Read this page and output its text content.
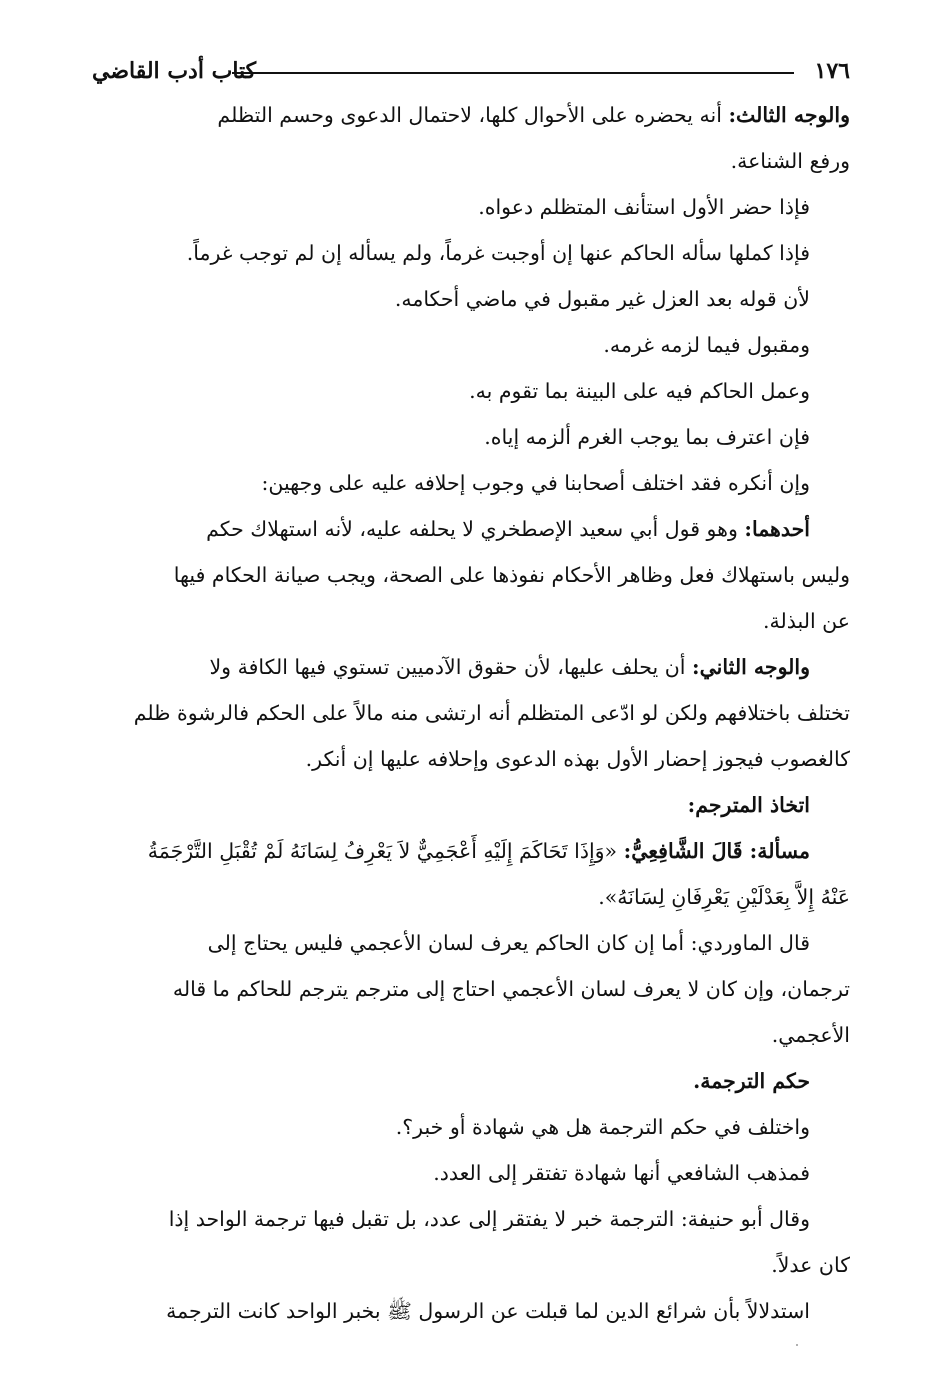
١٧٦
كتاب أدب القاضي
والوجه الثالث: أنه يحضره على الأحوال كلها، لاحتمال الدعوى وحسم التظلم
ورفع الشناعة.
فإذا حضر الأول استأنف المتظلم دعواه.
فإذا كملها سأله الحاكم عنها إن أوجبت غرماً، ولم يسأله إن لم توجب غرماً.
لأن قوله بعد العزل غير مقبول في ماضي أحكامه.
ومقبول فيما لزمه غرمه.
وعمل الحاكم فيه على البينة بما تقوم به.
فإن اعترف بما يوجب الغرم ألزمه إياه.
وإن أنكره فقد اختلف أصحابنا في وجوب إحلافه عليه على وجهين:
أحدهما: وهو قول أبي سعيد الإصطخري لا يحلفه عليه، لأنه استهلاك حكم
وليس باستهلاك فعل وظاهر الأحكام نفوذها على الصحة، ويجب صيانة الحكام فيها
عن البذلة.
والوجه الثاني: أن يحلف عليها، لأن حقوق الآدميين تستوي فيها الكافة ولا
تختلف باختلافهم ولكن لو ادّعى المتظلم أنه ارتشى منه مالاً على الحكم فالرشوة ظلم
كالغصوب فيجوز إحضار الأول بهذه الدعوى وإحلافه عليها إن أنكر.
اتخاذ المترجم:
مسألة: قَالَ الشَّافِعِيُّ: «وَإِذَا تَحَاكَمَ إِلَيْهِ أَعْجَمِيٌّ لاَ يَعْرِفُ لِسَانَهُ لَمْ تُقْبَلِ التَّرْجَمَةُ
عَنْهُ إِلاَّ بِعَدْلَيْنِ يَعْرِفَانِ لِسَانَهُ».
قال الماوردي: أما إن كان الحاكم يعرف لسان الأعجمي فليس يحتاج إلى
ترجمان، وإن كان لا يعرف لسان الأعجمي احتاج إلى مترجم يترجم للحاكم ما قاله
الأعجمي.
حكم الترجمة.
واختلف في حكم الترجمة هل هي شهادة أو خبر؟.
فمذهب الشافعي أنها شهادة تفتقر إلى العدد.
وقال أبو حنيفة: الترجمة خبر لا يفتقر إلى عدد، بل تقبل فيها ترجمة الواحد إذا
كان عدلاً.
استدلالاً بأن شرائع الدين لما قبلت عن الرسول ﷺ بخبر الواحد كانت الترجمة
